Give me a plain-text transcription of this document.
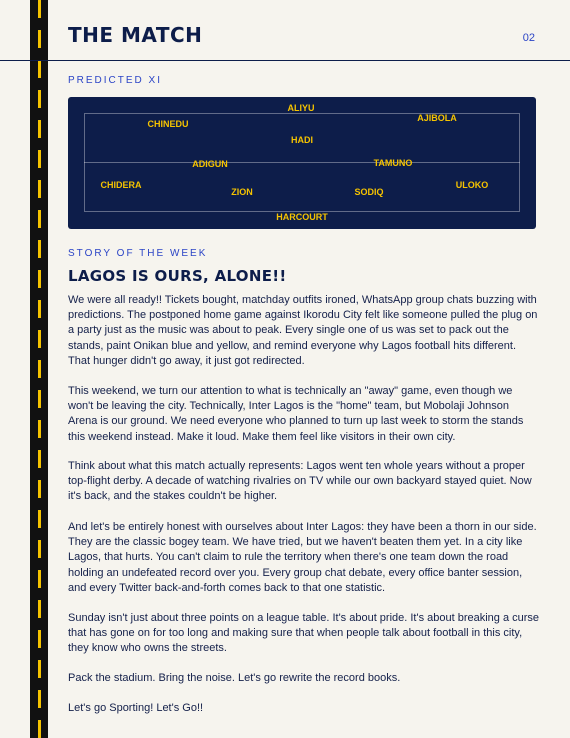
THE MATCH	02

PREDICTED XI

ALIYU
AJIBOLA
CHINEDU
HADI
TAMUNO
ADIGUN
CHIDERA	ULOKO
ZION	SODIQ
HARCOURT

STORY OF THE WEEK

LAGOS IS OURS, ALONE!!

We were all ready!! Tickets bought, matchday outfits ironed, WhatsApp group chats buzzing with predictions. The postponed home game against Ikorodu City felt like someone pulled the plug on a party just as the music was about to peak. Every single one of us was set to pack out the stands, paint Onikan blue and yellow, and remind everyone why Lagos football hits different. That hunger didn't go away, it just got redirected.

This weekend, we turn our attention to what is technically an "away" game, even though we won't be leaving the city. Technically, Inter Lagos is the "home" team, but Mobolaji Johnson Arena is our ground. We need everyone who planned to turn up last week to storm the stands this weekend instead. Make it loud. Make them feel like visitors in their own city.

Think about what this match actually represents: Lagos went ten whole years without a proper top-flight derby. A decade of watching rivalries on TV while our own backyard stayed quiet. Now it's back, and the stakes couldn't be higher.

And let's be entirely honest with ourselves about Inter Lagos: they have been a thorn in our side. They are the classic bogey team. We have tried, but we haven't beaten them yet. In a city like Lagos, that hurts. You can't claim to rule the territory when there's one team down the road holding an undefeated record over you. Every group chat debate, every office banter session, and every Twitter back-and-forth comes back to that one statistic.

Sunday isn't just about three points on a league table. It's about pride. It's about breaking a curse that has gone on for too long and making sure that when people talk about football in this city, they know who owns the streets.

Pack the stadium. Bring the noise. Let's go rewrite the record books.

Let's go Sporting! Let's Go!!
